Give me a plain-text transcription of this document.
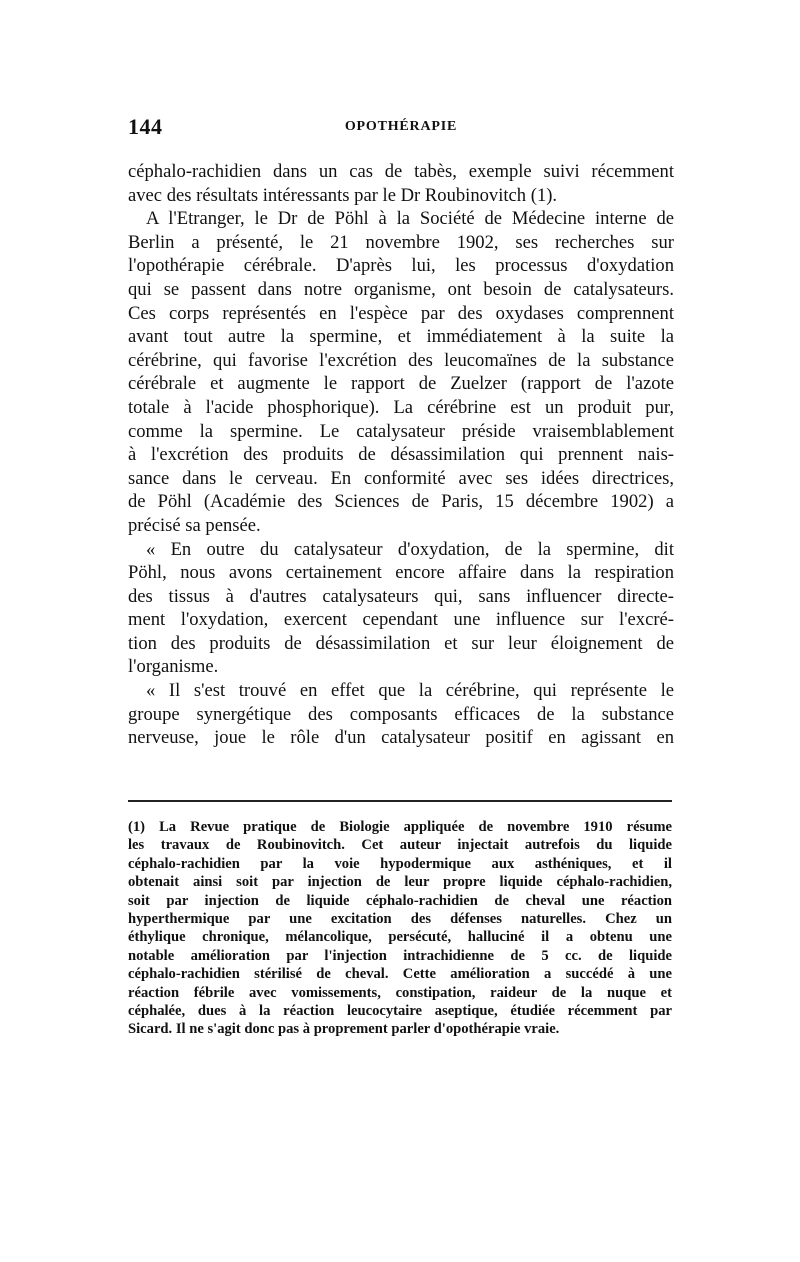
144	OPOTHÉRAPIE
céphalo-rachidien dans un cas de tabès, exemple suivi récemment
avec des résultats intéressants par le Dr Roubinovitch (1).
A l'Etranger, le Dr de Pöhl à la Société de Médecine interne de
Berlin a présenté, le 21 novembre 1902, ses recherches sur
l'opothérapie cérébrale. D'après lui, les processus d'oxydation
qui se passent dans notre organisme, ont besoin de catalysateurs.
Ces corps représentés en l'espèce par des oxydases comprennent
avant tout autre la spermine, et immédiatement à la suite la
cérébrine, qui favorise l'excrétion des leucomaïnes de la substance
cérébrale et augmente le rapport de Zuelzer (rapport de l'azote
totale à l'acide phosphorique). La cérébrine est un produit pur,
comme la spermine. Le catalysateur préside vraisemblablement
à l'excrétion des produits de désassimilation qui prennent nais-
sance dans le cerveau. En conformité avec ses idées directrices,
de Pöhl (Académie des Sciences de Paris, 15 décembre 1902) a
précisé sa pensée.
« En outre du catalysateur d'oxydation, de la spermine, dit
Pöhl, nous avons certainement encore affaire dans la respiration
des tissus à d'autres catalysateurs qui, sans influencer directe-
ment l'oxydation, exercent cependant une influence sur l'excré-
tion des produits de désassimilation et sur leur éloignement de
l'organisme.
« Il s'est trouvé en effet que la cérébrine, qui représente le
groupe synergétique des composants efficaces de la substance
nerveuse, joue le rôle d'un catalysateur positif en agissant en
(1) La Revue pratique de Biologie appliquée de novembre 1910 résume
les travaux de Roubinovitch. Cet auteur injectait autrefois du liquide
céphalo-rachidien par la voie hypodermique aux asthéniques, et il
obtenait ainsi soit par injection de leur propre liquide céphalo-rachidien,
soit par injection de liquide céphalo-rachidien de cheval une réaction
hyperthermique par une excitation des défenses naturelles. Chez un
éthylique chronique, mélancolique, persécuté, halluciné il a obtenu une
notable amélioration par l'injection intrachidienne de 5 cc. de liquide
céphalo-rachidien stérilisé de cheval. Cette amélioration a succédé à une
réaction fébrile avec vomissements, constipation, raideur de la nuque et
céphalée, dues à la réaction leucocytaire aseptique, étudiée récemment par
Sicard. Il ne s'agit donc pas à proprement parler d'opothérapie vraie.
